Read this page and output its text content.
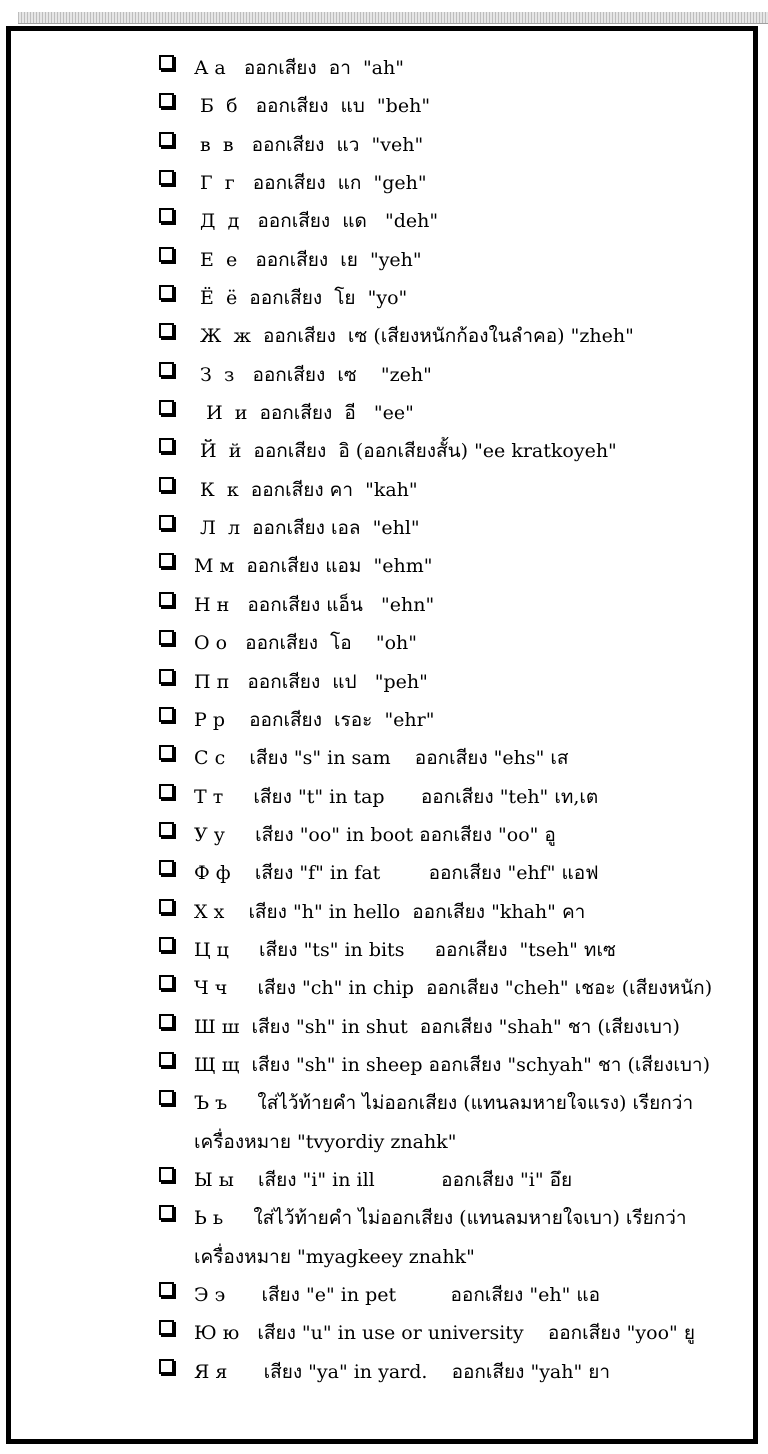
А а   ออกเสียง  อา  "ah"
Б  б   ออกเสียง  แบ  "beh"
в  в   ออกเสียง  แว  "veh"
Г  г   ออกเสียง  แก  "geh"
Д  д   ออกเสียง  แด   "deh"
Е  е   ออกเสียง  เย  "yeh"
Ё  ё  ออกเสียง  โย  "yo"
Ж  ж  ออกเสียง  เซ (เสียงหนักก้องในลำคอ) "zheh"
З  з   ออกเสียง  เซ    "zeh"
И  и  ออกเสียง  อี   "ee"
Й  й  ออกเสียง  อิ (ออกเสียงสั้น) "ee kratkoyeh"
К  к  ออกเสียง คา  "kah"
Л  л  ออกเสียง เอล  "ehl"
М м  ออกเสียง แอม  "ehm"
Н н   ออกเสียง แอ็น   "ehn"
О о   ออกเสียง  โอ    "oh"
П п   ออกเสียง  แป   "peh"
Р р    ออกเสียง  เรอะ  "ehr"
С с    เสียง "s" in sam    ออกเสียง "ehs" เส
Т т     เสียง "t" in tap      ออกเสียง "teh" เท,เต
У у     เสียง "oo" in boot ออกเสียง "oo" อู
Ф ф    เสียง "f" in fat        ออกเสียง "ehf" แอฟ
Х х    เสียง "h" in hello  ออกเสียง "khah" คา
Ц ц     เสียง "ts" in bits     ออกเสียง  "tseh" ทเซ
Ч ч     เสียง "ch" in chip  ออกเสียง "cheh" เชอะ (เสียงหนัก)
Ш ш  เสียง "sh" in shut  ออกเสียง "shah" ชา (เสียงเบา)
Щ щ  เสียง "sh" in sheep ออกเสียง "schyah" ชา (เสียงเบา)
Ъ ъ     ใส่ไว้ท้ายคำ ไม่ออกเสียง (แทนลมหายใจแรง) เรียกว่า
เครื่องหมาย "tvyordiy znahk"
Ы ы    เสียง "i" in ill           ออกเสียง "i" อึย
Ь ь     ใส่ไว้ท้ายคำ ไม่ออกเสียง (แทนลมหายใจเบา) เรียกว่า
เครื่องหมาย "myagkeey znahk"
Э э      เสียง "e" in pet         ออกเสียง "eh" แอ
Ю ю   เสียง "u" in use or university    ออกเสียง "yoo" ยู
Я я      เสียง "ya" in yard.    ออกเสียง "yah" ยา
